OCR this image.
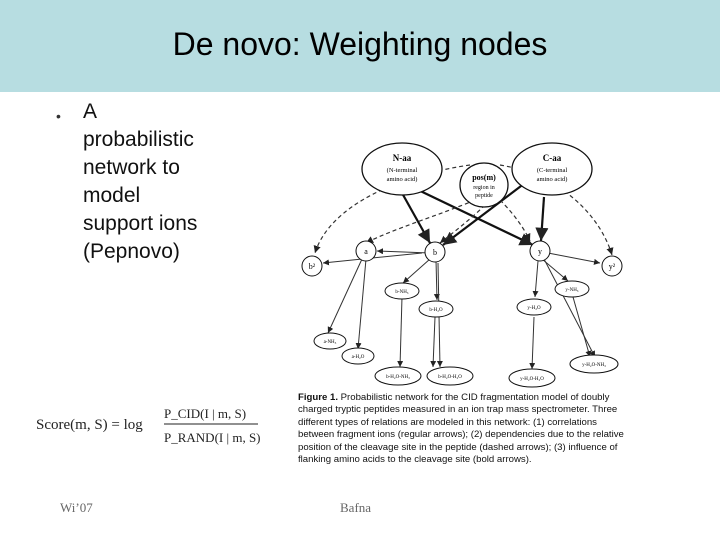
De novo: Weighting nodes
• A
probabilistic
network to
model
support ions
(Pepnovo)
Score(m, S) = log
P_CID(I | m, S)
P_RAND(I | m, S)
N-aa
(N-terminal
amino acid)	pos(m)
region in
peptide
C-aa
(C-terminal
amino acid)
b²
a	b	y
y²
b-NH₃
b-H₂O
a-NH₃
a-H₂O
b-H₂O-NH₃	b-H₂O-H₂O
y-NH₃
y-H₂O
y-H₂O-H₂O
y-H₂O-NH₃
Figure 1. Probabilistic network for the CID fragmentation model of doubly charged tryptic peptides measured in an ion trap mass spectrometer. Three different types of relations are modeled in this network: (1) correlations between fragment ions (regular arrows); (2) dependencies due to the relative position of the cleavage site in the peptide (dashed arrows); (3) influence of flanking amino acids to the cleavage site (bold arrows).
Wi’07	Bafna
